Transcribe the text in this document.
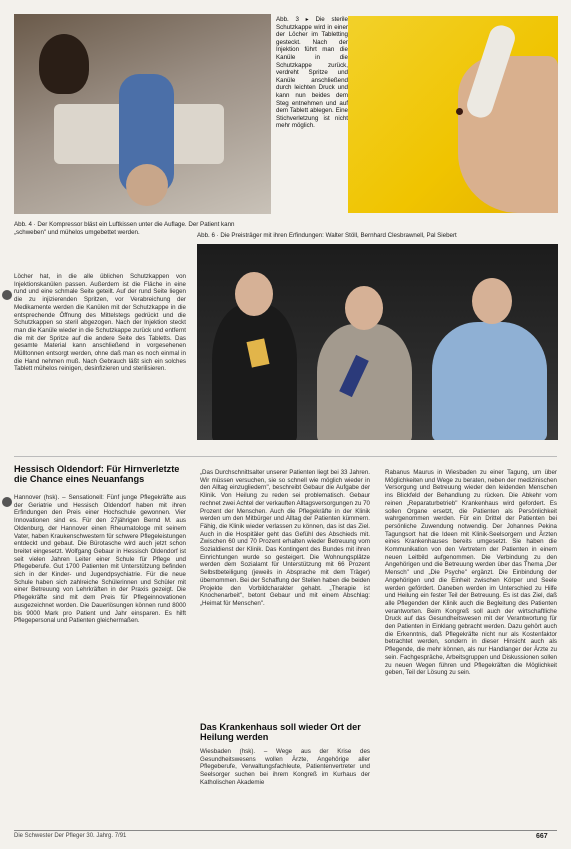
Abb. 3 ▸ Die sterile Schutzkappe wird in einer der Löcher im Tabletting gesteckt. Nach der Injektion führt man die Kanüle in die Schutzkappe zurück, verdreht Spritze und Kanüle anschließend durch leichten Druck und kann nun beides dem Steg entnehmen und auf dem Tablett ablegen. Eine Stichverletzung ist nicht mehr möglich.
Abb. 4 · Der Kompressor bläst ein Luftkissen unter die Auflage. Der Patient kann „schweben" und mühelos umgebettet werden.	Abb. 6 · Die Preisträger mit ihren Erfindungen: Walter Stöll, Bernhard Clesbrawnell, Pal Siebert
Löcher hat, in die alle üblichen Schutzkappen von Injektionskanülen passen. Außerdem ist die Fläche in eine rund und eine schmale Seite geteilt. Auf der rund Seite liegen die zu injizierenden Spritzen, vor Verabreichung der Medikamente werden die Kanülen mit der Schutzkappe in die entsprechende Öffnung des Mittelstegs gedrückt und die Schutzkappen so steril abgezogen. Nach der Injektion steckt man die Kanüle wieder in die Schutzkappe zurück und entfernt die mit der Spritze auf die andere Seite des Tabletts. Das gesamte Material kann anschließend in vorgesehenen Mülltonnen entsorgt werden, ohne daß man es noch einmal in die Hand nehmen muß. Nach Gebrauch läßt sich ein solches Tablett mühelos reinigen, desinfizieren und sterilisieren.
Hessisch Oldendorf: Für Hirnverletzte die Chance eines Neuanfangs
Hannover (hsk). – Sensationell: Fünf junge Pflegekräfte aus der Geriatrie und Hessisch Oldendorf haben mit ihren Erfindungen den Preis einer Hochschule gewonnen. Vier Innovationen sind es. Für den 27jährigen Bernd M. aus Oldenburg, der Hannover einen Rheumatologe mit seinem Vater, haben Kraukenschwestern für schwere Pflegeleistungen entdeckt und gebaut. Die Bürotasche wird auch jetzt schon breitet eingesetzt. Wolfgang Gebaur in Hessisch Oldendorf ist seit vielen Jahren Leiter einer Schule für Pflege und Pflegeberufe. Gut 1700 Patienten mit Unterstützung befinden sich in der Kinder- und Jugendpsychiatrie. Für die neue Schule haben sich zahlreiche Schülerinnen und Schüler mit einer Betreuung von Lehrkräften in der Praxis gezeigt. Die Pflegekräfte sind mit dem Preis für Pflegeinnovationen ausgezeichnet worden. Die Dauerlösungen können rund 8000 bis 9000 Mark pro Patient und Jahr einsparen. Es hilft Pflegepersonal und Patienten gleichermaßen.

„Das Durchschnittsalter unserer Patienten liegt bei 33 Jahren. Wir müssen versuchen, sie so schnell wie möglich wieder in den Alltag einzugliedern", beschreibt Gebaur die Aufgabe der Klinik. Von Heilung zu reden sei problematisch. Gebaur rechnet zwei Achtel der verkauften Alltagsversorgungen zu 70 Prozent der Menschen. Auch die Pflegekräfte in der Klinik werden um den Mitbürger und Alltag der Patienten kümmern. Fähig, die Klinik wieder verlassen zu können, das ist das Ziel. Auch in die Hospitäler geht das Gefühl des Abschieds mit. Zwischen 60 und 70 Prozent erhalten wieder Betreuung vom Sozialdienst der Klinik. Das Kontingent des Bundes mit ihren Einrichtungen wurde so gesteigert. Die Wohnungsplätze werden dem Sozialamt für Unterstützung mit 66 Prozent Selbstbeteiligung (jeweils in Absprache mit dem Träger) übernommen. Bei der Schaffung der Stellen haben die beiden Projekte den Vorbildcharakter gehabt. „Therapie ist Knochenarbeit", betont Gebaur und mit einem Abschlag: „Heimat für Menschen".

Das Krankenhaus soll wieder Ort der Heilung werden
Wiesbaden (hsk). – Wege aus der Krise des Gesundheitswesens wollen Ärzte, Angehörige aller Pflegeberufe, Verwaltungsfachleute, Patientenvertreter und Seelsorger suchen bei ihrem Kongreß im Kurhaus der Katholischen Akademie
Rabanus Maurus in Wiesbaden zu einer Tagung, um über Möglichkeiten und Wege zu beraten, neben der medizinischen Versorgung und Betreuung wieder den leidenden Menschen ins Blickfeld der Behandlung zu rücken. Die Abkehr vom reinen „Reparaturbetrieb" Krankenhaus wird gefordert. Es sollen Organe ersetzt, die Patienten als Persönlichkeit wahrgenommen werden. Für ein Drittel der Patienten bei persönliche Zuwendung notwendig. Der Johannes Pekina Tagungsort hat die Ideen mit Klinik-Seelsorgern und Ärzten eines Krankenhauses bereits umgesetzt. Sie haben die Kommunikation von den Vertretern der Patienten in einem neuen Leitbild aufgenommen. Die Verbindung zu den Angehörigen und die Betreuung werden über das Thema „Der Mensch" und „Die Psyche" ergänzt. Die Einbindung der Angehörigen und die Einheit zwischen Körper und Seele werden gefördert. Daneben werden im Unterschied zu Hilfe und Heilung ein fester Teil der Betreuung. Es ist das Ziel, daß alle Pflegenden der Klinik auch die Begleitung des Patienten verantworten. Beim Kongreß soll auch der wirtschaftliche Druck auf das Gesundheitswesen mit der Verantwortung für den Patienten in Einklang gebracht werden. Dazu gehört auch die Erkenntnis, daß Pflegekräfte nicht nur als Kostenfaktor betrachtet werden, sondern in dieser Hinsicht auch als Pflegende, die mehr können, als nur Handlanger der Ärzte zu sein. Fachgespräche, Arbeitsgruppen und Diskussionen sollen zu neuen Wegen führen und Pflegekräften die Möglichkeit geben, Teil der Lösung zu sein.
Die Schwester Der Pfleger 30. Jahrg. 7/91	667
